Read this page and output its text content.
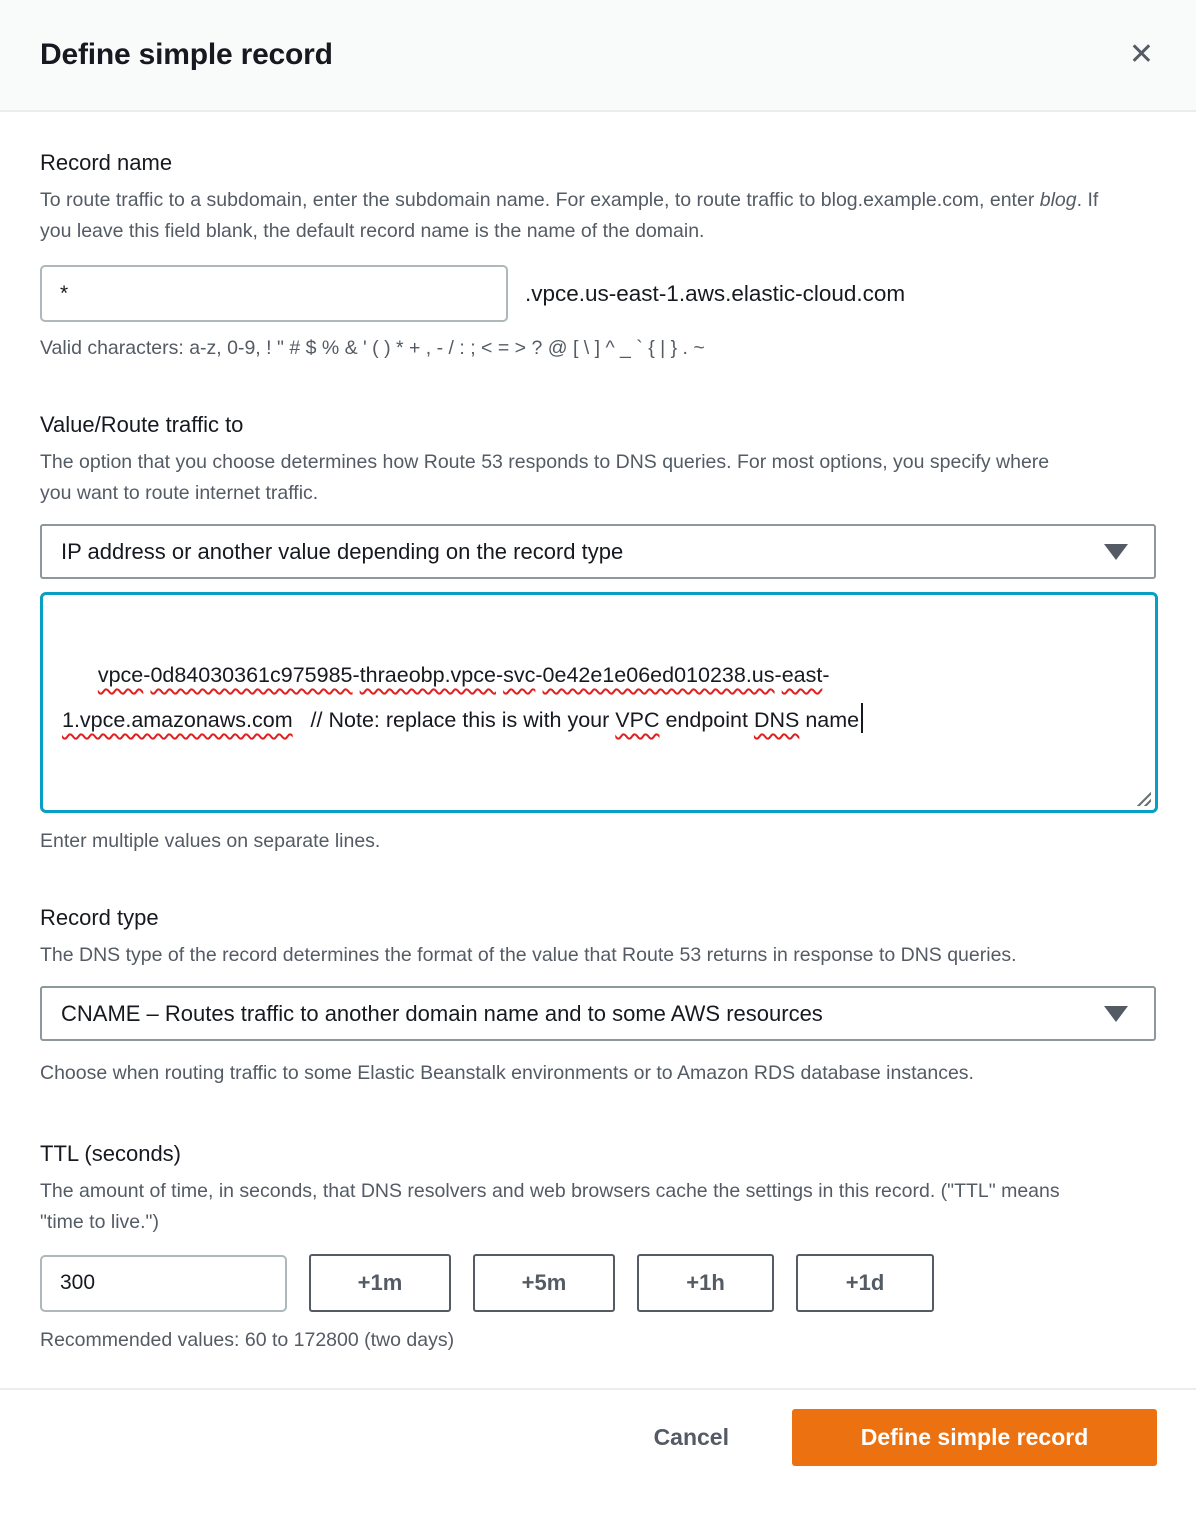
Define simple record	✕
Record name
To route traffic to a subdomain, enter the subdomain name. For example, to route traffic to blog.example.com, enter blog. If you leave this field blank, the default record name is the name of the domain.
*
.vpce.us-east-1.aws.elastic-cloud.com
Valid characters: a-z, 0-9, ! " # $ % & ' ( ) * + , - / : ; < = > ? @ [ \ ] ^ _ ` { | } . ~
Value/Route traffic to
The option that you choose determines how Route 53 responds to DNS queries. For most options, you specify where you want to route internet traffic.
IP address or another value depending on the record type

vpce-0d84030361c975985-thraeobp.vpce-svc-0e42e1e06ed010238.us-east-
1.vpce.amazonaws.com   // Note: replace this is with your VPC endpoint DNS name

Enter multiple values on separate lines.
Record type
The DNS type of the record determines the format of the value that Route 53 returns in response to DNS queries.
CNAME – Routes traffic to another domain name and to some AWS resources
Choose when routing traffic to some Elastic Beanstalk environments or to Amazon RDS database instances.
TTL (seconds)
The amount of time, in seconds, that DNS resolvers and web browsers cache the settings in this record. ("TTL" means "time to live.")
300
+1m	+5m	+1h	+1d
Recommended values: 60 to 172800 (two days)
Cancel	Define simple record
